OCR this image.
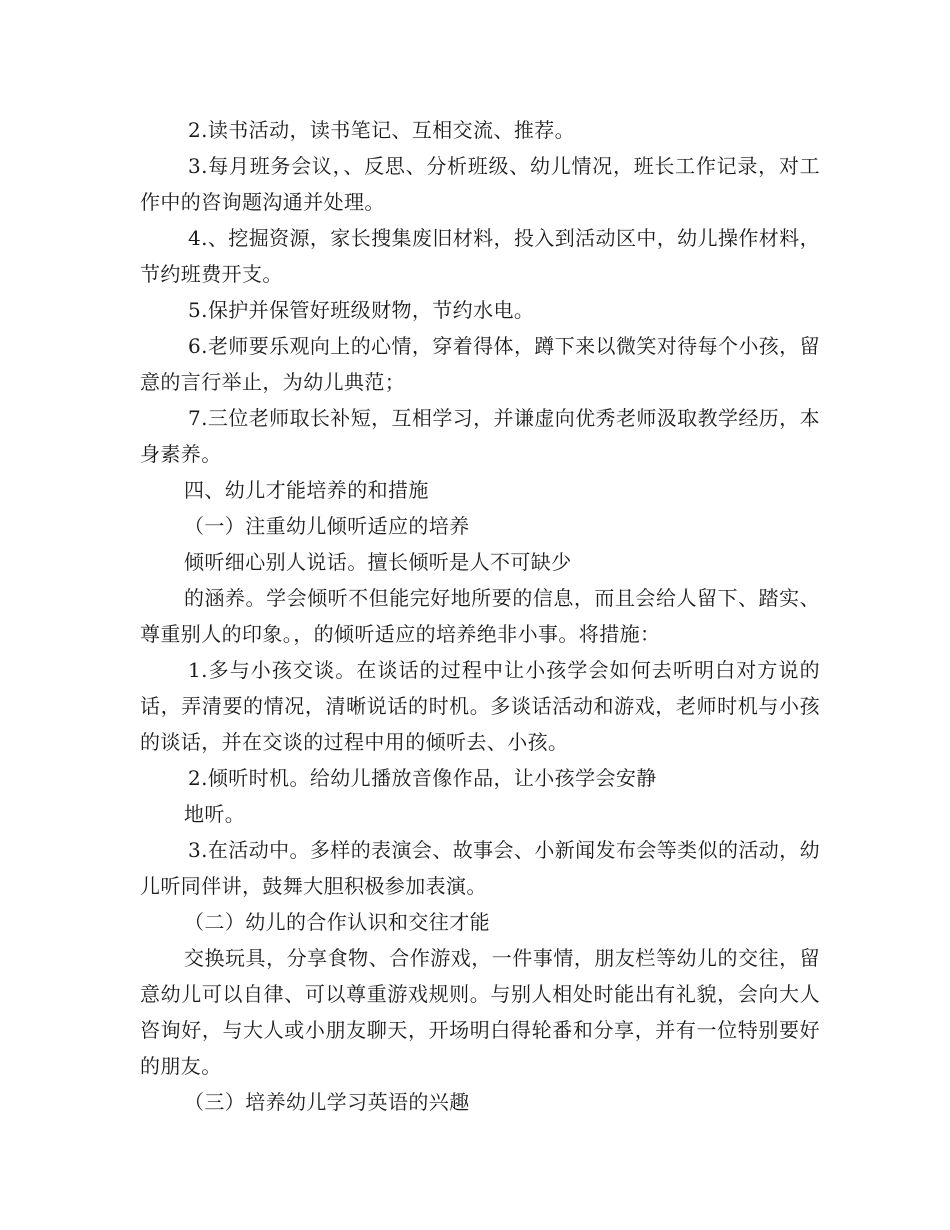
2.读书活动，读书笔记、互相交流、推荐。

3.每月班务会议，、反思、分析班级、幼儿情况，班长工作记录，对工作中的咨询题沟通并处理。

4.、挖掘资源，家长搜集废旧材料，投入到活动区中，幼儿操作材料，节约班费开支。

5.保护并保管好班级财物，节约水电。

6.老师要乐观向上的心情，穿着得体，蹲下来以微笑对待每个小孩，留意的言行举止，为幼儿典范；

7.三位老师取长补短，互相学习，并谦虚向优秀老师汲取教学经历，本身素养。

四、幼儿才能培养的和措施

（一）注重幼儿倾听适应的培养

倾听细心别人说话。擅长倾听是人不可缺少

的涵养。学会倾听不但能完好地所要的信息，而且会给人留下、踏实、尊重别人的印象。，的倾听适应的培养绝非小事。将措施：

1.多与小孩交谈。在谈话的过程中让小孩学会如何去听明白对方说的话，弄清要的情况，清晰说话的时机。多谈话活动和游戏，老师时机与小孩的谈话，并在交谈的过程中用的倾听去、小孩。

2.倾听时机。给幼儿播放音像作品，让小孩学会安静

地听。

3.在活动中。多样的表演会、故事会、小新闻发布会等类似的活动，幼儿听同伴讲，鼓舞大胆积极参加表演。

（二）幼儿的合作认识和交往才能

交换玩具，分享食物、合作游戏，一件事情，朋友栏等幼儿的交往，留意幼儿可以自律、可以尊重游戏规则。与别人相处时能出有礼貌，会向大人咨询好，与大人或小朋友聊天，开场明白得轮番和分享，并有一位特别要好的朋友。

（三）培养幼儿学习英语的兴趣
